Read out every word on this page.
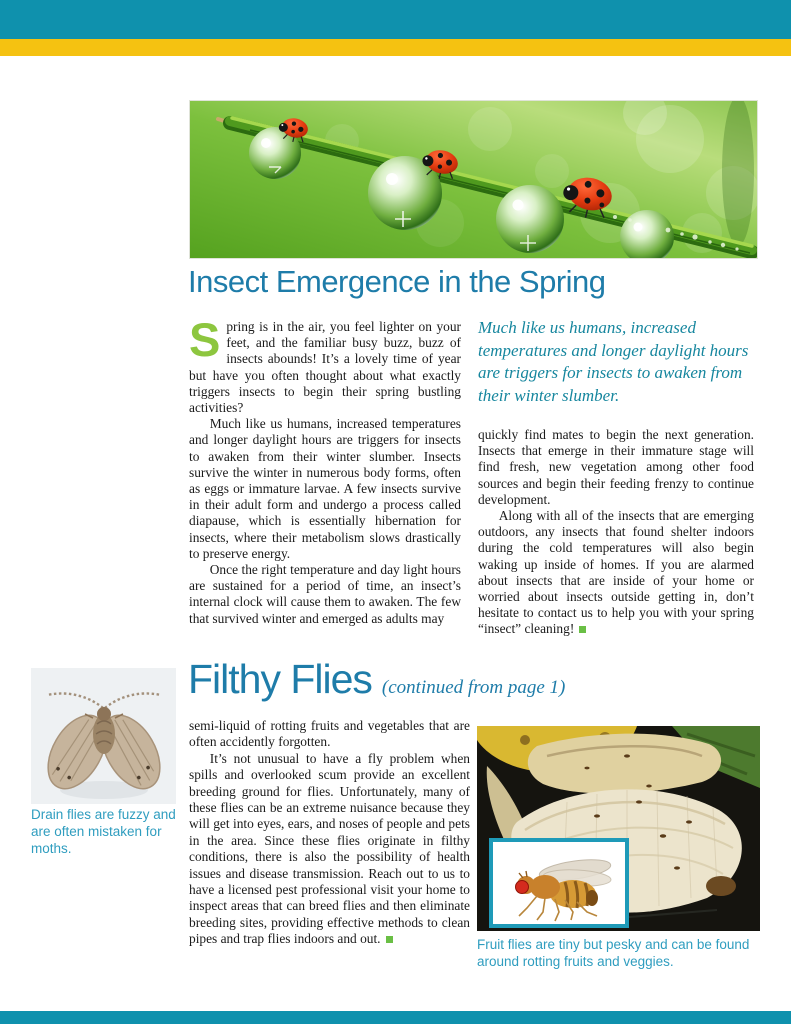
Insect Emergence in the Spring

Spring is in the air, you feel lighter on your feet, and the familiar busy buzz, buzz of insects abounds! It’s a lovely time of year but have you often thought about what exactly triggers insects to begin their spring bustling activities?

Much like us humans, increased temperatures and longer daylight hours are triggers for insects to awaken from their winter slumber. Insects survive the winter in numerous body forms, often as eggs or immature larvae. A few insects survive in their adult form and undergo a process called diapause, which is essentially hibernation for insects, where their metabolism slows drastically to preserve energy.

Once the right temperature and day light hours are sustained for a period of time, an insect’s internal clock will cause them to awaken. The few that survived winter and emerged as adults may

Much like us humans, increased temperatures and longer daylight hours are triggers for insects to awaken from their winter slumber.

quickly find mates to begin the next generation. Insects that emerge in their immature stage will find fresh, new vegetation among other food sources and begin their feeding frenzy to continue development.

Along with all of the insects that are emerging outdoors, any insects that found shelter indoors during the cold temperatures will also begin waking up inside of homes. If you are alarmed about insects that are inside of your home or worried about insects outside getting in, don’t hesitate to contact us to help you with your spring “insect” cleaning!

Drain flies are fuzzy and are often mistaken for moths.
Filthy Flies (continued from page 1)

semi-liquid of rotting fruits and vegetables that are often accidently forgotten.

It’s not unusual to have a fly problem when spills and overlooked scum provide an excellent breeding ground for flies. Unfortunately, many of these flies can be an extreme nuisance because they will get into eyes, ears, and noses of people and pets in the area. Since these flies originate in filthy conditions, there is also the possibility of health issues and disease transmission. Reach out to us to have a licensed pest professional visit your home to inspect areas that can breed flies and then eliminate breeding sites, providing effective methods to clean pipes and trap flies indoors and out.	Fruit flies are tiny but pesky and can be found around rotting fruits and veggies.
